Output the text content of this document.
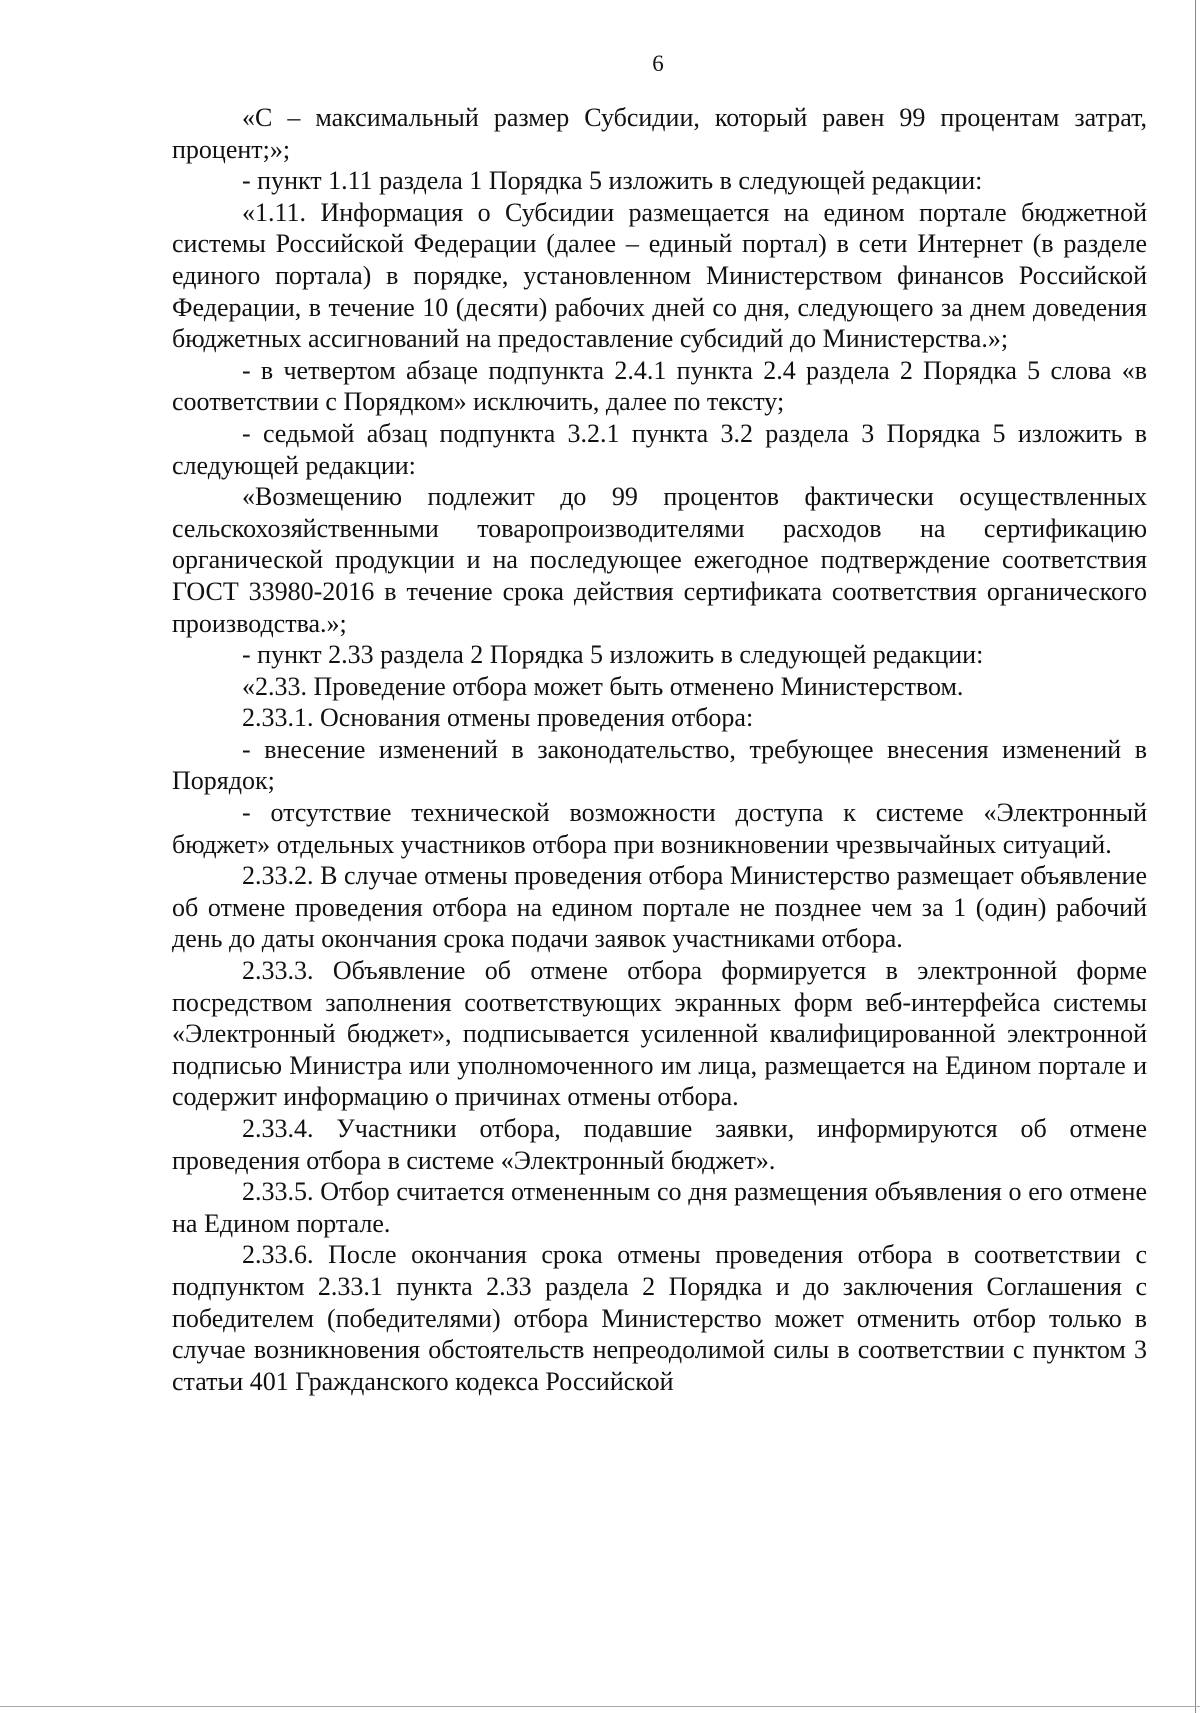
6

«С – максимальный размер Субсидии, который равен 99 процентам затрат, процент;»;

- пункт 1.11 раздела 1 Порядка 5 изложить в следующей редакции:

«1.11. Информация о Субсидии размещается на едином портале бюджетной системы Российской Федерации (далее – единый портал) в сети Интернет (в разделе единого портала) в порядке, установленном Министерством финансов Российской Федерации, в течение 10 (десяти) рабочих дней со дня, следующего за днем доведения бюджетных ассигнований на предоставление субсидий до Министерства.»;

- в четвертом абзаце подпункта 2.4.1 пункта 2.4 раздела 2 Порядка 5 слова «в соответствии с Порядком» исключить, далее по тексту;

- седьмой абзац подпункта 3.2.1 пункта 3.2 раздела 3 Порядка 5 изложить в следующей редакции:

«Возмещению подлежит до 99 процентов фактически осуществленных сельскохозяйственными товаропроизводителями расходов на сертификацию органической продукции и на последующее ежегодное подтверждение соответствия ГОСТ 33980-2016 в течение срока действия сертификата соответствия органического производства.»;

- пункт 2.33 раздела 2 Порядка 5 изложить в следующей редакции:

«2.33. Проведение отбора может быть отменено Министерством.

2.33.1. Основания отмены проведения отбора:

- внесение изменений в законодательство, требующее внесения изменений в Порядок;

- отсутствие технической возможности доступа к системе «Электронный бюджет» отдельных участников отбора при возникновении чрезвычайных ситуаций.

2.33.2. В случае отмены проведения отбора Министерство размещает объявление об отмене проведения отбора на едином портале не позднее чем за 1 (один) рабочий день до даты окончания срока подачи заявок участниками отбора.

2.33.3. Объявление об отмене отбора формируется в электронной форме посредством заполнения соответствующих экранных форм веб-интерфейса системы «Электронный бюджет», подписывается усиленной квалифицированной электронной подписью Министра или уполномоченного им лица, размещается на Едином портале и содержит информацию о причинах отмены отбора.

2.33.4. Участники отбора, подавшие заявки, информируются об отмене проведения отбора в системе «Электронный бюджет».

2.33.5. Отбор считается отмененным со дня размещения объявления о его отмене на Едином портале.

2.33.6. После окончания срока отмены проведения отбора в соответствии с подпунктом 2.33.1 пункта 2.33 раздела 2 Порядка и до заключения Соглашения с победителем (победителями) отбора Министерство может отменить отбор только в случае возникновения обстоятельств непреодолимой силы в соответствии с пунктом 3 статьи 401 Гражданского кодекса Российской
